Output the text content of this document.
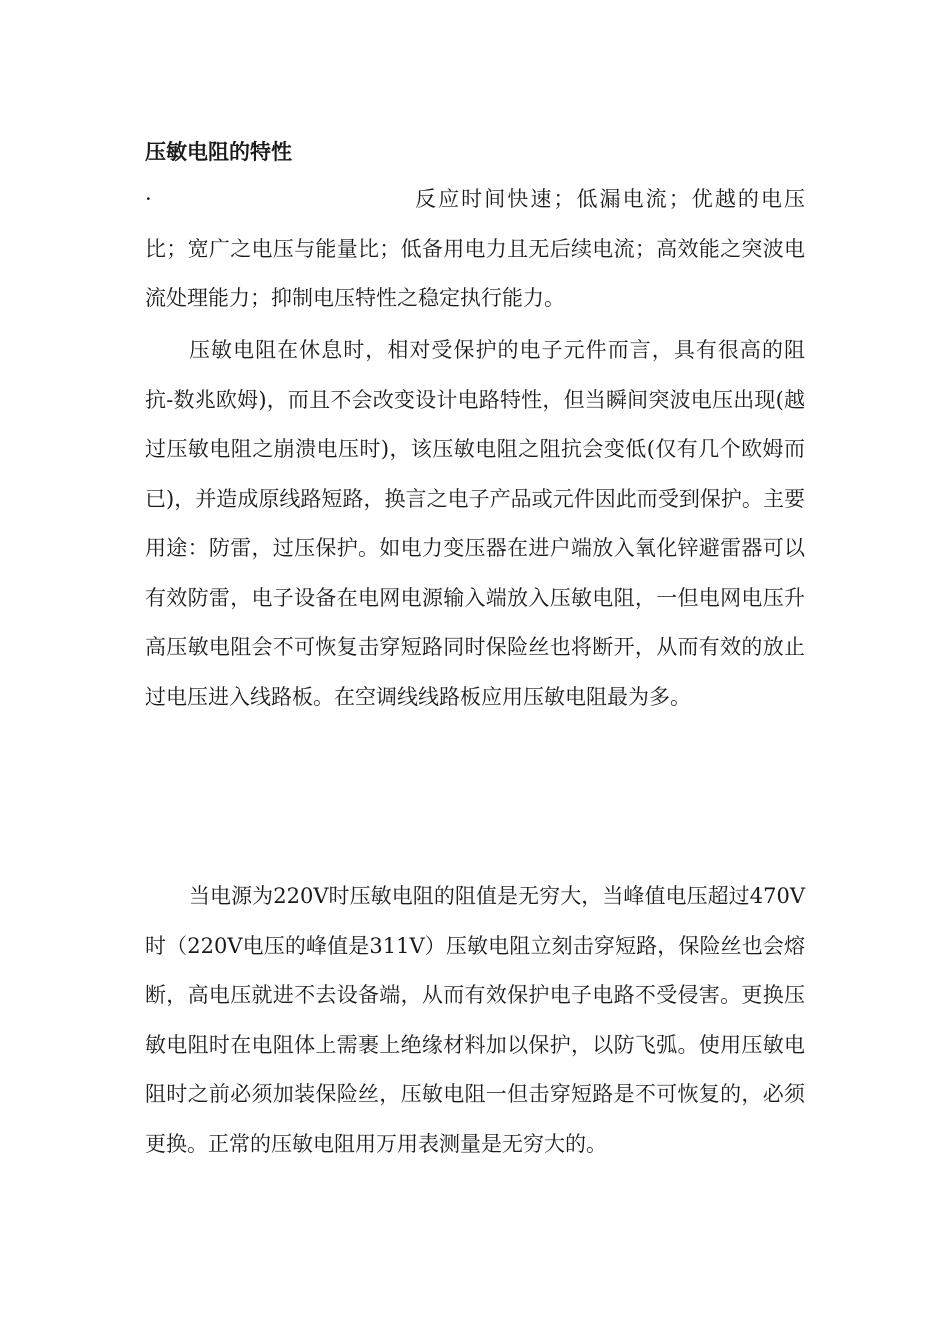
压敏电阻的特性

·	反应时间快速；低漏电流；优越的电压比；宽广之电压与能量比；低备用电力且无后续电流；高效能之突波电流处理能力；抑制电压特性之稳定执行能力。

压敏电阻在休息时，相对受保护的电子元件而言，具有很高的阻抗-数兆欧姆)，而且不会改变设计电路特性，但当瞬间突波电压出现(越过压敏电阻之崩溃电压时)，该压敏电阻之阻抗会变低(仅有几个欧姆而已)，并造成原线路短路，换言之电子产品或元件因此而受到保护。主要用途：防雷，过压保护。如电力变压器在进户端放入氧化锌避雷器可以有效防雷，电子设备在电网电源输入端放入压敏电阻，一但电网电压升高压敏电阻会不可恢复击穿短路同时保险丝也将断开，从而有效的放止过电压进入线路板。在空调线线路板应用压敏电阻最为多。

当电源为220V时压敏电阻的阻值是无穷大，当峰值电压超过470V时（220V电压的峰值是311V）压敏电阻立刻击穿短路，保险丝也会熔断，高电压就进不去设备端，从而有效保护电子电路不受侵害。更换压敏电阻时在电阻体上需裹上绝缘材料加以保护，以防飞弧。使用压敏电阻时之前必须加装保险丝，压敏电阻一但击穿短路是不可恢复的，必须更换。正常的压敏电阻用万用表测量是无穷大的。
